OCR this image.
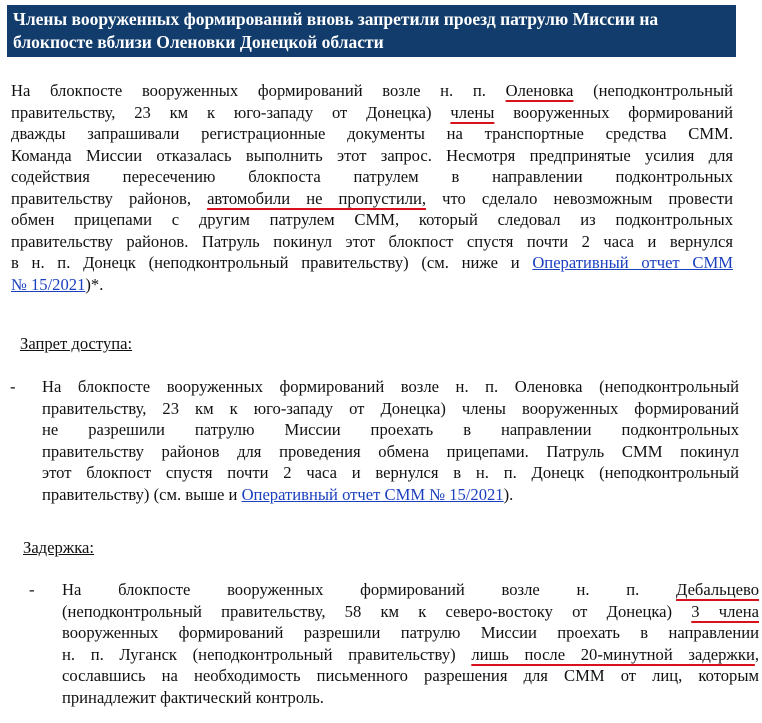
Члены вооруженных формирований вновь запретили проезд патрулю Миссии на
блокпосте вблизи Оленовки Донецкой области
На блокпосте вооруженных формирований возле н. п. Оленовка (неподконтрольный
правительству, 23 км к юго-западу от Донецка) члены вооруженных формирований
дважды запрашивали регистрационные документы на транспортные средства СММ.
Команда Миссии отказалась выполнить этот запрос. Несмотря предпринятые усилия для
содействия пересечению блокпоста патрулем в направлении подконтрольных
правительству районов, автомобили не пропустили, что сделало невозможным провести
обмен прицепами с другим патрулем СММ, который следовал из подконтрольных
правительству районов. Патруль покинул этот блокпост спустя почти 2 часа и вернулся
в н. п. Донецк (неподконтрольный правительству) (см. ниже и Оперативный отчет СММ
№ 15/2021)*.
Запрет доступа:
- На блокпосте вооруженных формирований возле н. п. Оленовка (неподконтрольный
правительству, 23 км к юго-западу от Донецка) члены вооруженных формирований
не разрешили патрулю Миссии проехать в направлении подконтрольных
правительству районов для проведения обмена прицепами. Патруль СММ покинул
этот блокпост спустя почти 2 часа и вернулся в н. п. Донецк (неподконтрольный
правительству) (см. выше и Оперативный отчет СММ № 15/2021).
Задержка:
- На блокпосте вооруженных формирований возле н. п. Дебальцево
(неподконтрольный правительству, 58 км к северо-востоку от Донецка) 3 члена
вооруженных формирований разрешили патрулю Миссии проехать в направлении
н. п. Луганск (неподконтрольный правительству) лишь после 20-минутной задержки,
сославшись на необходимость письменного разрешения для СММ от лиц, которым
принадлежит фактический контроль.
